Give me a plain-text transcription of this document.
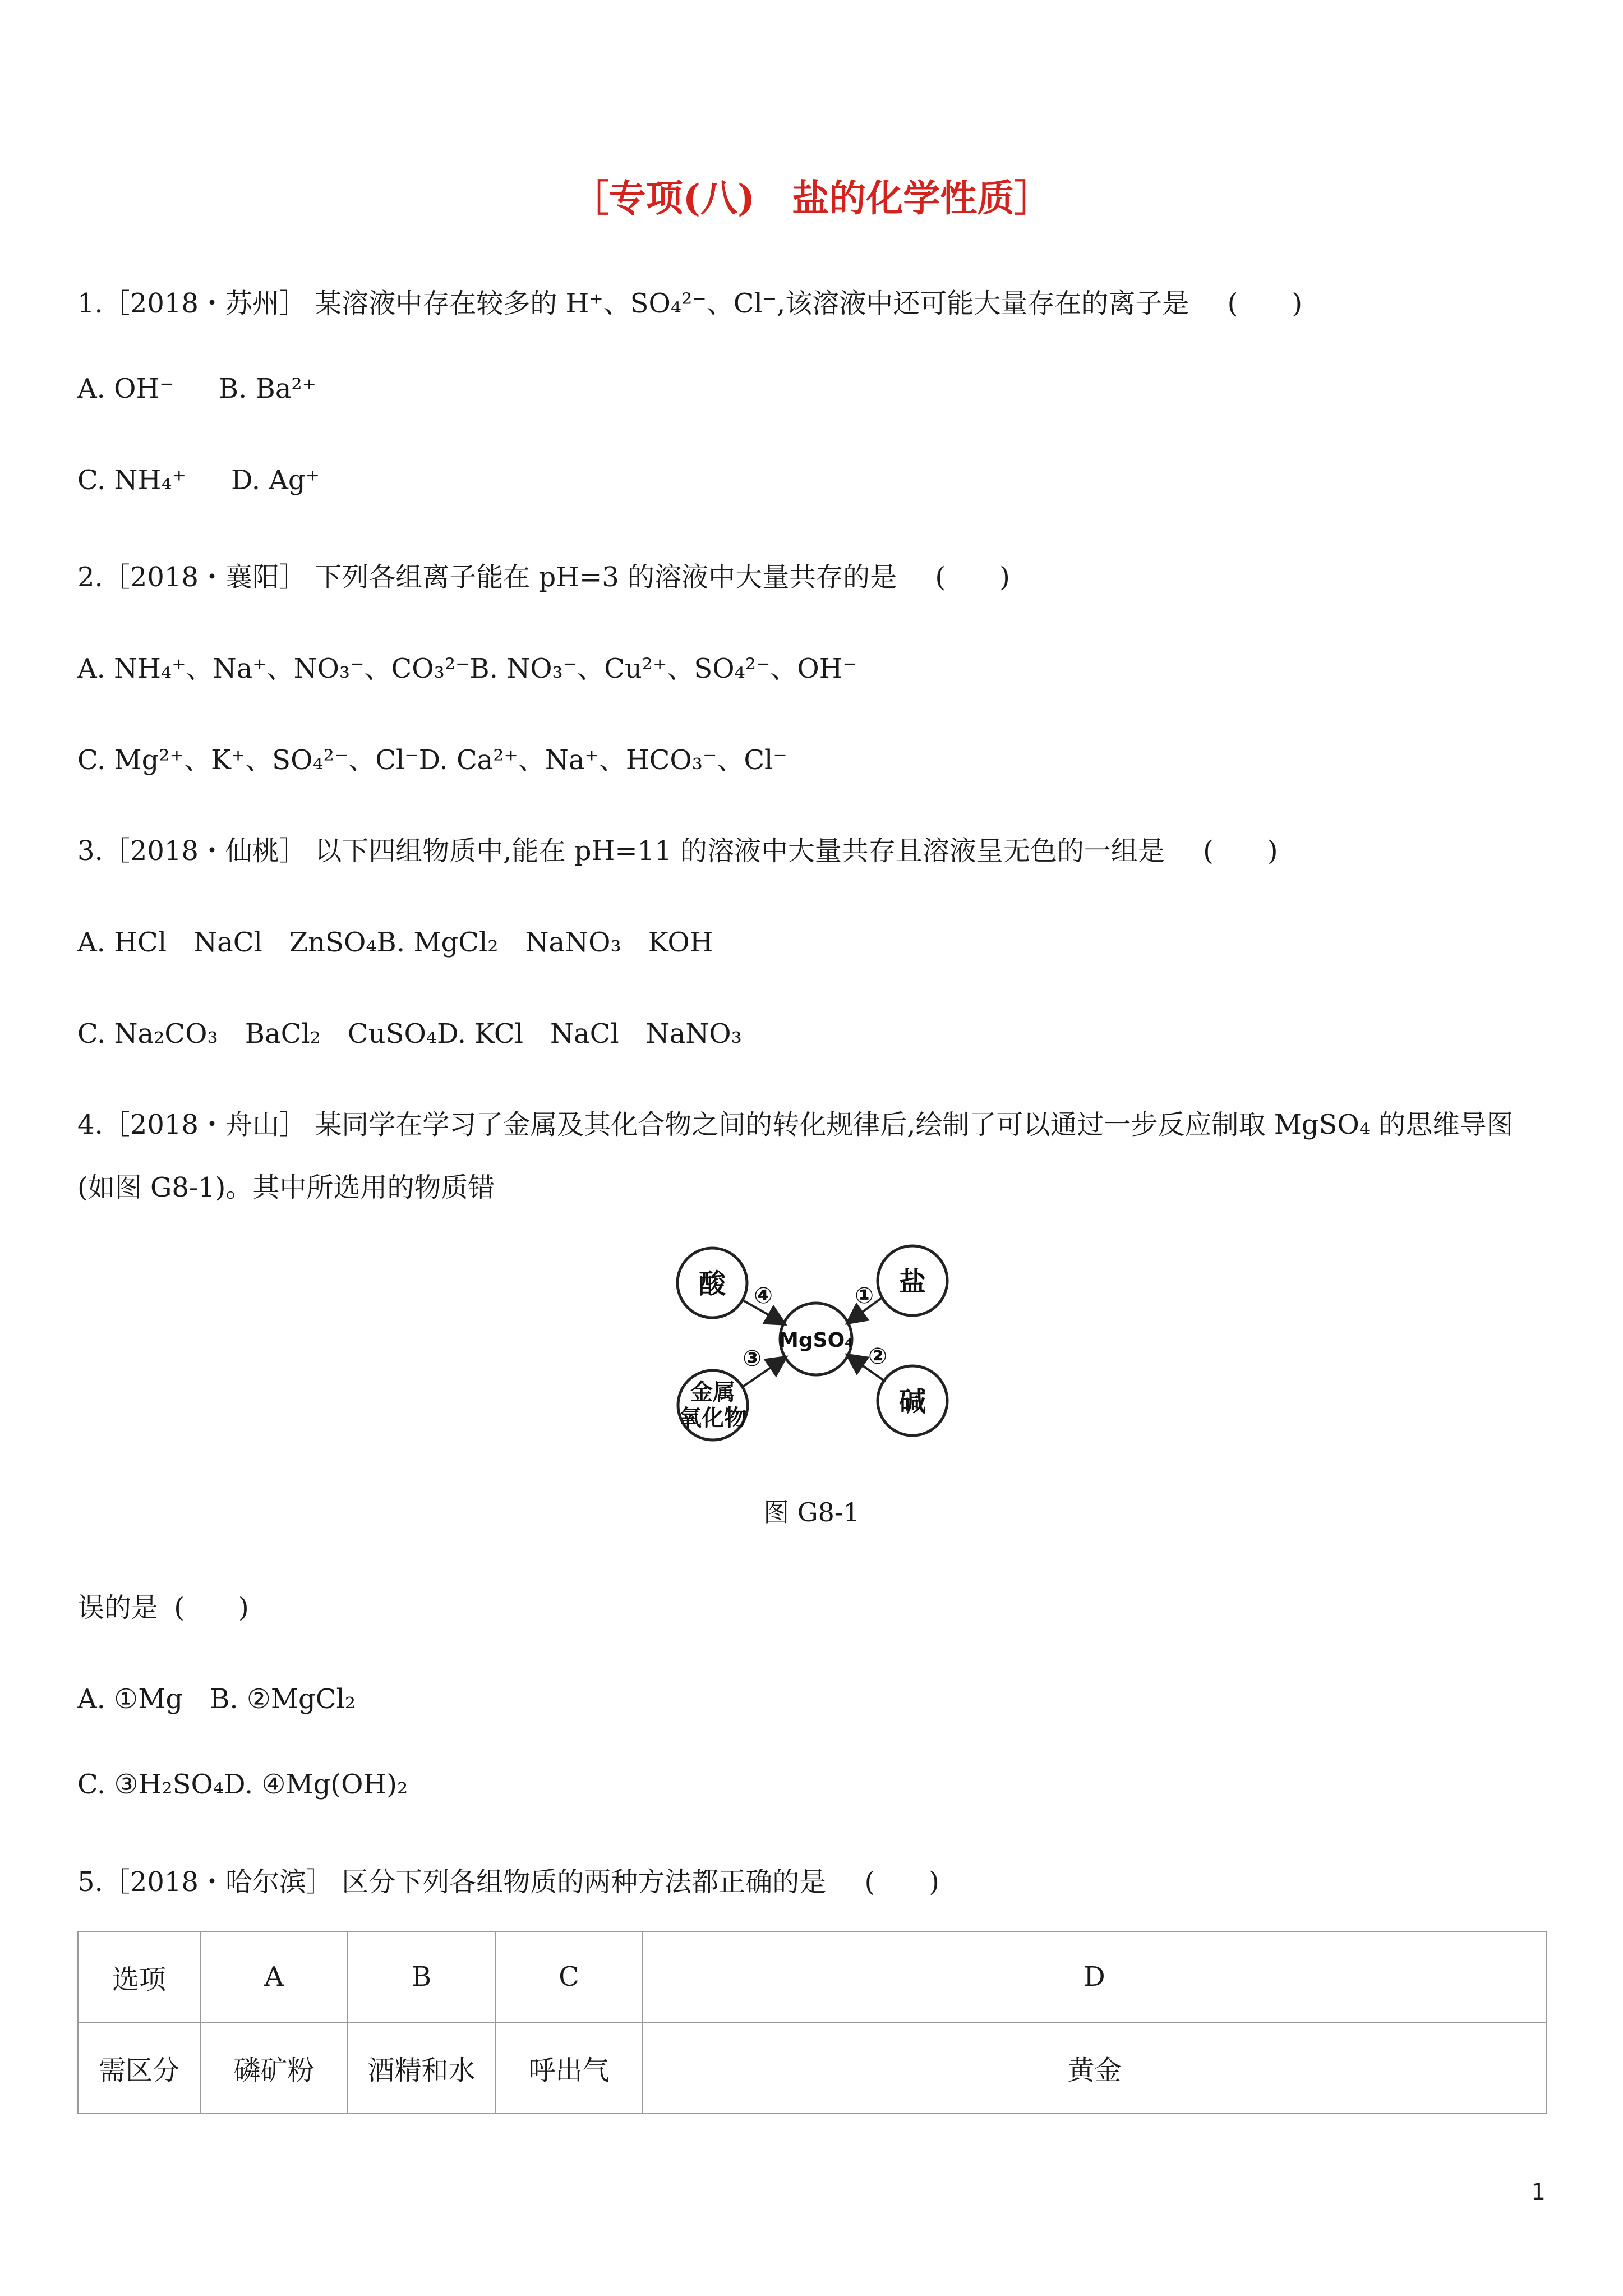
［专项(八)　盐的化学性质］
1.［2018・苏州］ 某溶液中存在较多的 H⁺、SO₄²⁻、Cl⁻,该溶液中还可能大量存在的离子是 (　　)
A. OH⁻ B. Ba²⁺
C. NH₄⁺ D. Ag⁺
2.［2018・襄阳］ 下列各组离子能在 pH=3 的溶液中大量共存的是 (　　)
A. NH₄⁺、Na⁺、NO₃⁻、CO₃²⁻B. NO₃⁻、Cu²⁺、SO₄²⁻、OH⁻
C. Mg²⁺、K⁺、SO₄²⁻、Cl⁻D. Ca²⁺、Na⁺、HCO₃⁻、Cl⁻
3.［2018・仙桃］ 以下四组物质中,能在 pH=11 的溶液中大量共存且溶液呈无色的一组是 (　　)
A. HCl　NaCl　ZnSO₄B. MgCl₂　NaNO₃　KOH
C. Na₂CO₃　BaCl₂　CuSO₄D. KCl　NaCl　NaNO₃
4.［2018・舟山］ 某同学在学习了金属及其化合物之间的转化规律后,绘制了可以通过一步反应制取 MgSO₄ 的思维导图
(如图 G8-1)。其中所选用的物质错
酸	盐
碱
MgSO₄
金属
氧化物
④	①
③	②
图 G8-1
误的是 (　　)
A. ①Mg　B. ②MgCl₂
C. ③H₂SO₄D. ④Mg(OH)₂
5.［2018・哈尔滨］ 区分下列各组物质的两种方法都正确的是 (　　)
选项	A	B	C	D
需区分	磷矿粉	酒精和水	呼出气	黄金
1
